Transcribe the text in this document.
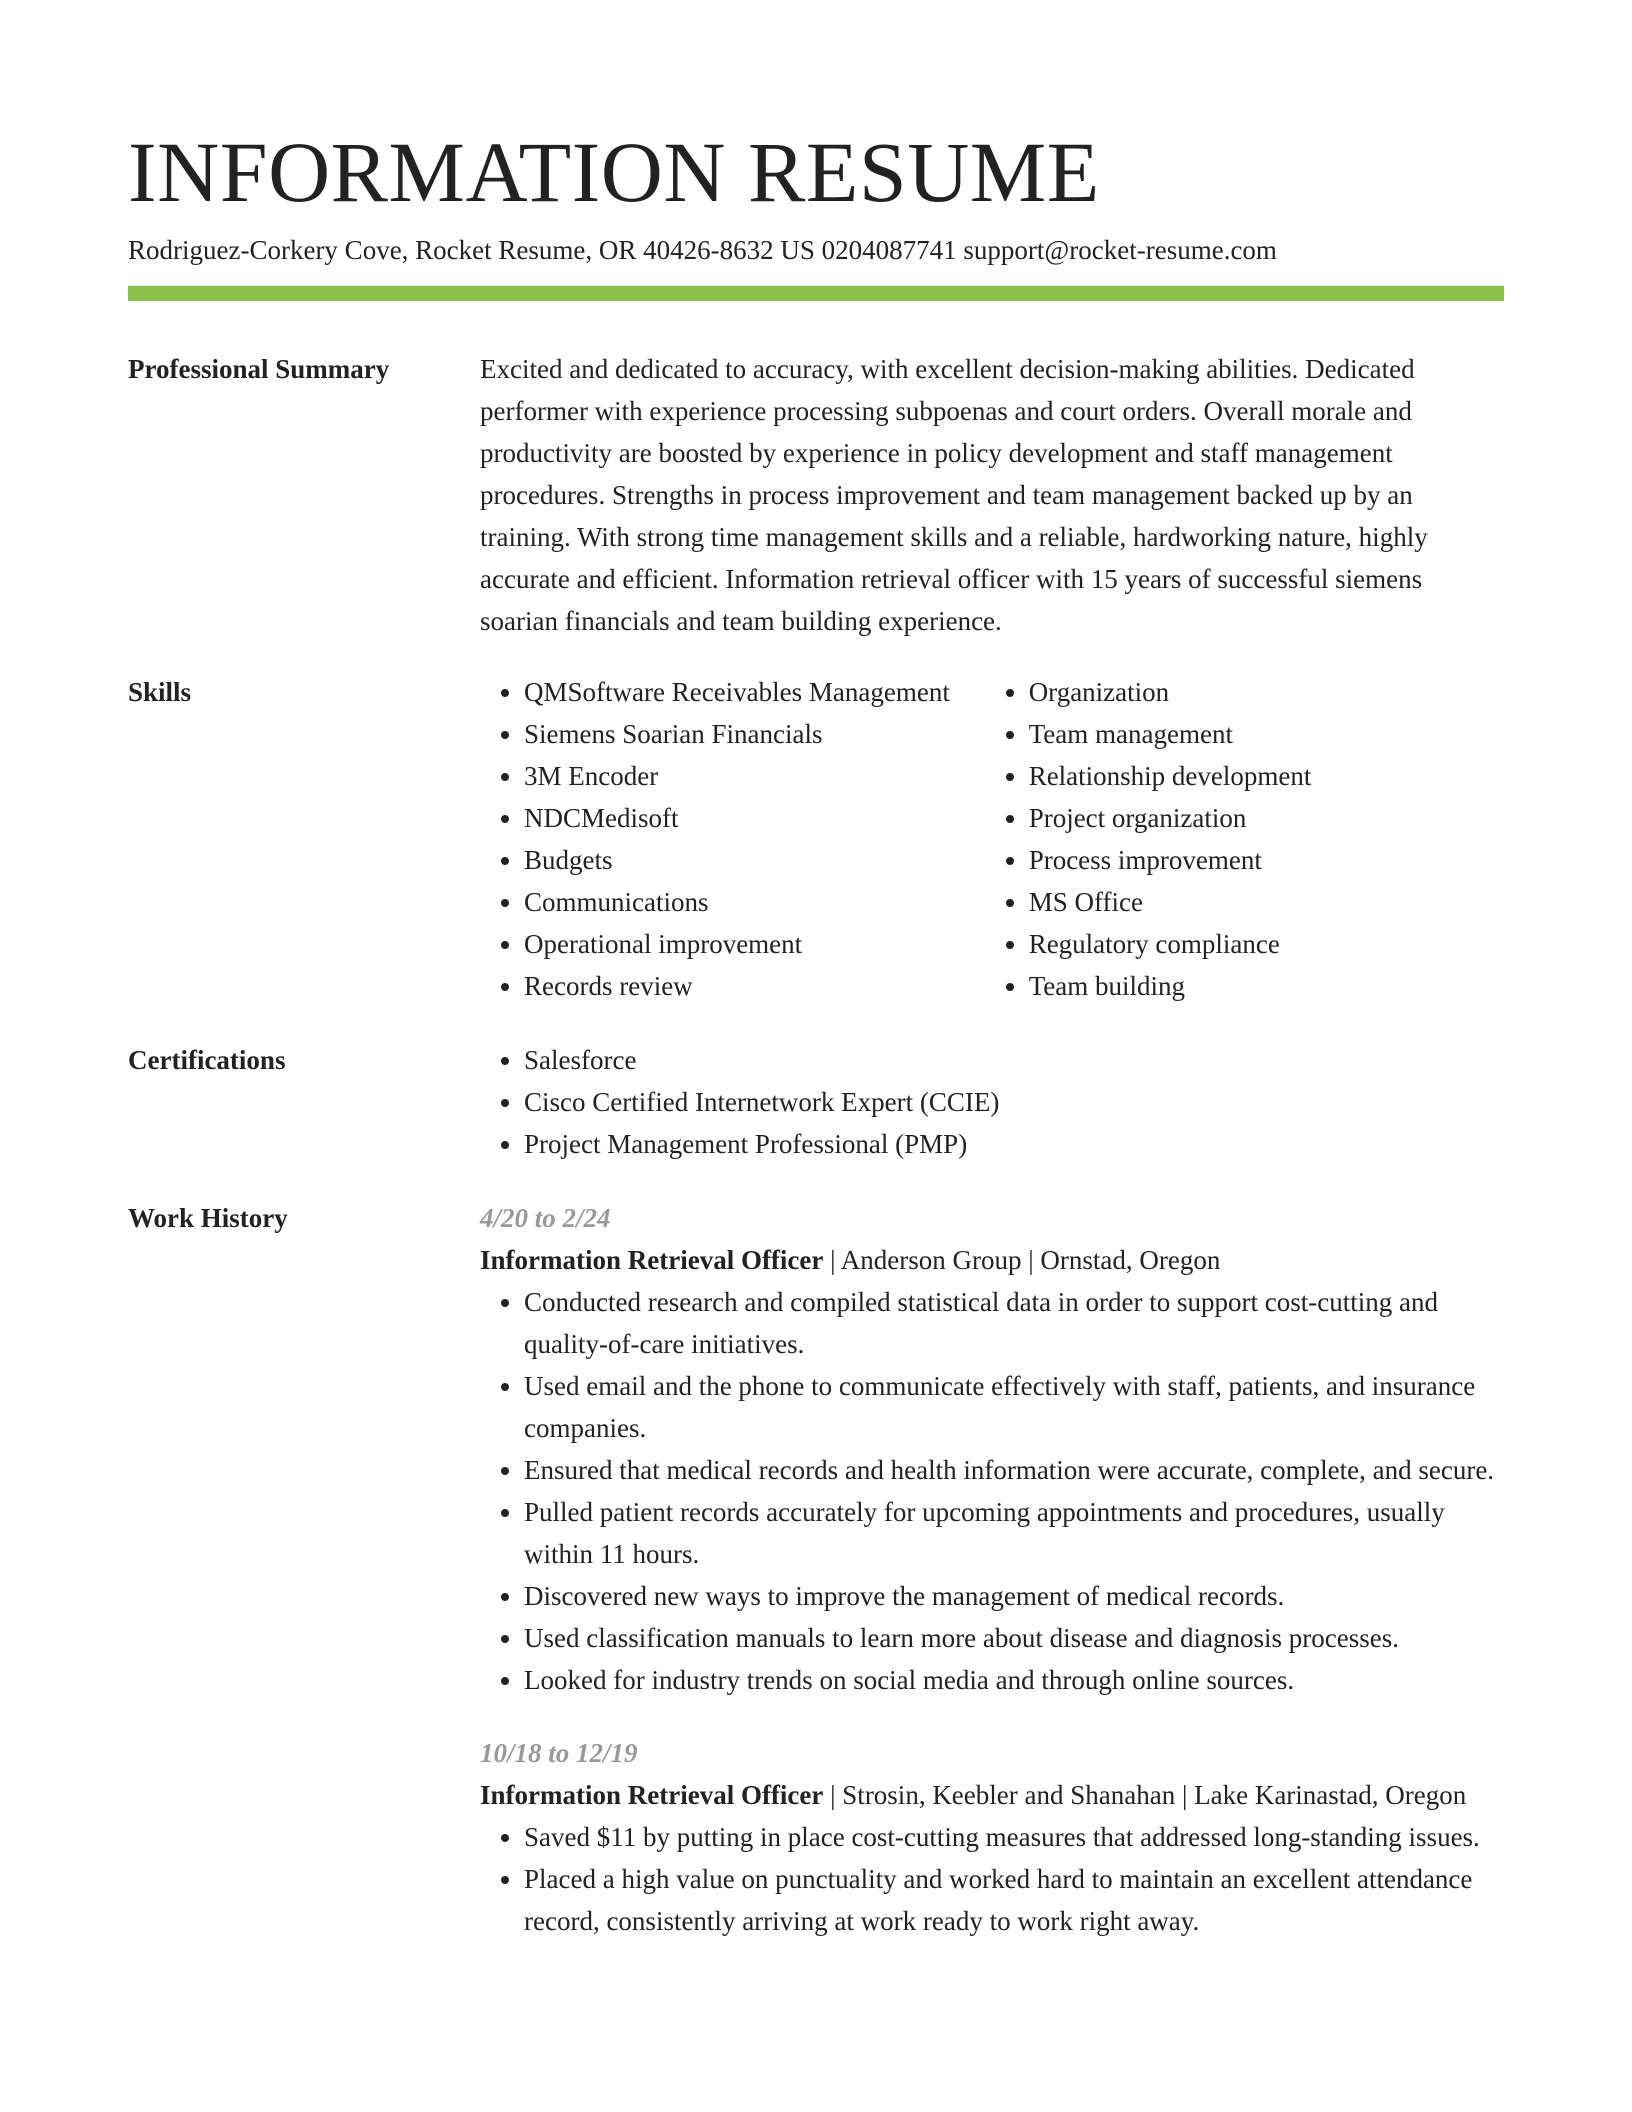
INFORMATION RESUME
Rodriguez-Corkery Cove, Rocket Resume, OR 40426-8632 US 0204087741 support@rocket-resume.com
Professional Summary	Excited and dedicated to accuracy, with excellent decision-making abilities. Dedicated performer with experience processing subpoenas and court orders. Overall morale and productivity are boosted by experience in policy development and staff management procedures. Strengths in process improvement and team management backed up by an training. With strong time management skills and a reliable, hardworking nature, highly accurate and efficient. Information retrieval officer with 15 years of successful siemens soarian financials and team building experience.

Skills	• QMSoftware Receivables Management
• Siemens Soarian Financials
• 3M Encoder
• NDCMedisoft
• Budgets
• Communications
• Operational improvement
• Records review
• Organization
• Team management
• Relationship development
• Project organization
• Process improvement
• MS Office
• Regulatory compliance
• Team building
Certifications	• Salesforce
• Cisco Certified Internetwork Expert (CCIE)
• Project Management Professional (PMP)
Work History	4/20 to 2/24
Information Retrieval Officer | Anderson Group | Ornstad, Oregon
• Conducted research and compiled statistical data in order to support cost-cutting and quality-of-care initiatives.
• Used email and the phone to communicate effectively with staff, patients, and insurance companies.
• Ensured that medical records and health information were accurate, complete, and secure.
• Pulled patient records accurately for upcoming appointments and procedures, usually within 11 hours.
• Discovered new ways to improve the management of medical records.
• Used classification manuals to learn more about disease and diagnosis processes.
• Looked for industry trends on social media and through online sources.
10/18 to 12/19
Information Retrieval Officer | Strosin, Keebler and Shanahan | Lake Karinastad, Oregon
• Saved $11 by putting in place cost-cutting measures that addressed long-standing issues.
• Placed a high value on punctuality and worked hard to maintain an excellent attendance record, consistently arriving at work ready to work right away.
